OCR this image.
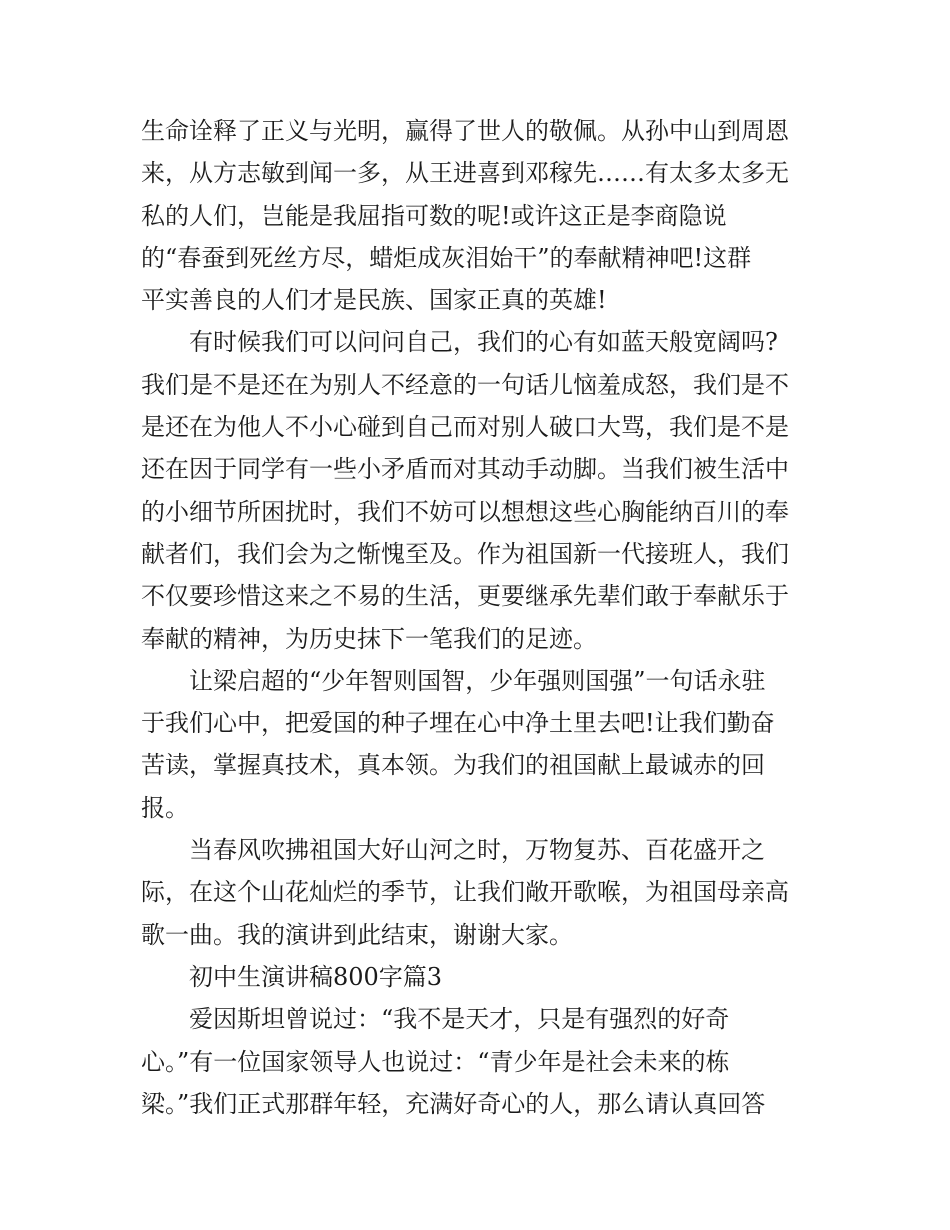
生命诠释了正义与光明，赢得了世人的敬佩。从孙中山到周恩
来，从方志敏到闻一多，从王进喜到邓稼先……有太多太多无
私的人们，岂能是我屈指可数的呢!或许这正是李商隐说
的“春蚕到死丝方尽，蜡炬成灰泪始干”的奉献精神吧!这群
平实善良的人们才是民族、国家正真的英雄!
有时候我们可以问问自己，我们的心有如蓝天般宽阔吗?
我们是不是还在为别人不经意的一句话儿恼羞成怒，我们是不
是还在为他人不小心碰到自己而对别人破口大骂，我们是不是
还在因于同学有一些小矛盾而对其动手动脚。当我们被生活中
的小细节所困扰时，我们不妨可以想想这些心胸能纳百川的奉
献者们，我们会为之惭愧至及。作为祖国新一代接班人，我们
不仅要珍惜这来之不易的生活，更要继承先辈们敢于奉献乐于
奉献的精神，为历史抹下一笔我们的足迹。
让梁启超的“少年智则国智，少年强则国强”一句话永驻
于我们心中，把爱国的种子埋在心中净土里去吧!让我们勤奋
苦读，掌握真技术，真本领。为我们的祖国献上最诚赤的回
报。
当春风吹拂祖国大好山河之时，万物复苏、百花盛开之
际，在这个山花灿烂的季节，让我们敞开歌喉，为祖国母亲高
歌一曲。我的演讲到此结束，谢谢大家。
初中生演讲稿800字篇3
爱因斯坦曾说过：“我不是天才，只是有强烈的好奇
心。”有一位国家领导人也说过：“青少年是社会未来的栋
梁。”我们正式那群年轻，充满好奇心的人，那么请认真回答
